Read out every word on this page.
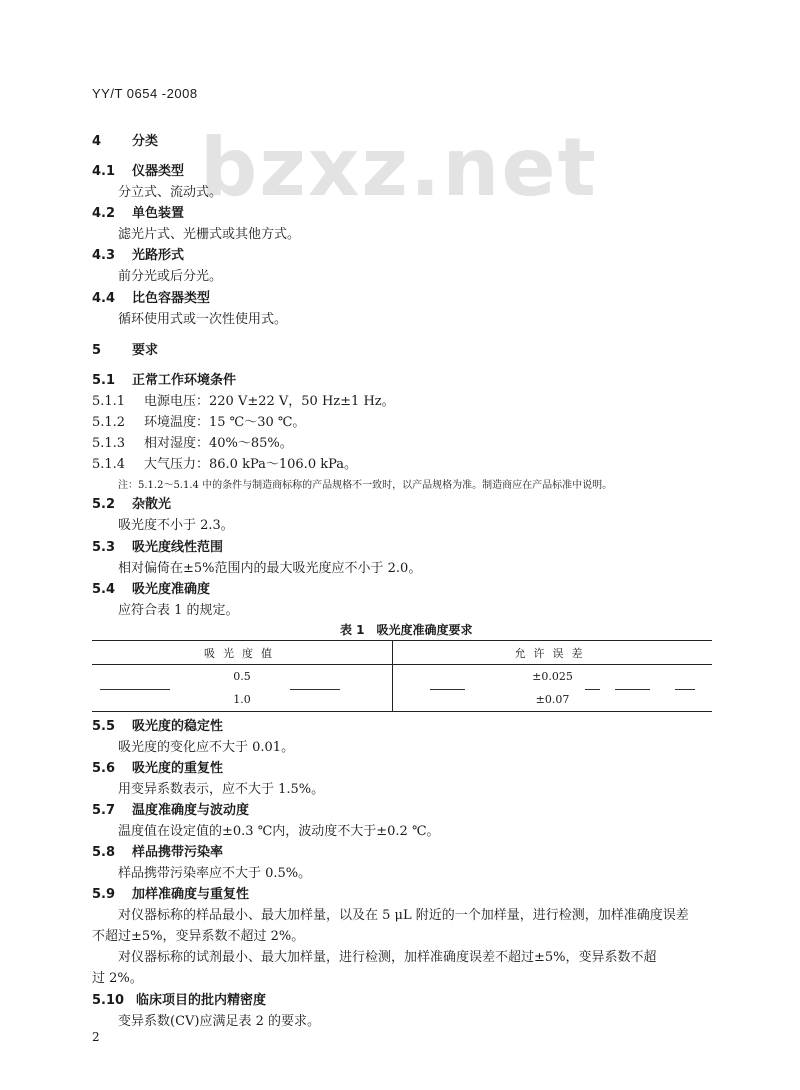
YY/T 0654 -2008
bzxz.net
4 分类
4.1 仪器类型
分立式、流动式。
4.2 单色装置
滤光片式、光栅式或其他方式。
4.3 光路形式
前分光或后分光。
4.4 比色容器类型
循环使用式或一次性使用式。
5 要求
5.1 正常工作环境条件
5.1.1 电源电压：220 V±22 V，50 Hz±1 Hz。
5.1.2 环境温度：15 ℃～30 ℃。
5.1.3 相对湿度：40%～85%。
5.1.4 大气压力：86.0 kPa～106.0 kPa。
注：5.1.2～5.1.4 中的条件与制造商标称的产品规格不一致时，以产品规格为准。制造商应在产品标准中说明。
5.2 杂散光
吸光度不小于 2.3。
5.3 吸光度线性范围
相对偏倚在±5%范围内的最大吸光度应不小于 2.0。
5.4 吸光度准确度
应符合表 1 的规定。
表 1　吸光度准确度要求
吸光度值	允许误差
0.5	±0.025
1.0	±0.07
5.5 吸光度的稳定性
吸光度的变化应不大于 0.01。
5.6 吸光度的重复性
用变异系数表示，应不大于 1.5%。
5.7 温度准确度与波动度
温度值在设定值的±0.3 ℃内，波动度不大于±0.2 ℃。
5.8 样品携带污染率
样品携带污染率应不大于 0.5%。
5.9 加样准确度与重复性
对仪器标称的样品最小、最大加样量，以及在 5 μL 附近的一个加样量，进行检测，加样准确度误差
不超过±5%，变异系数不超过 2%。
对仪器标称的试剂最小、最大加样量，进行检测，加样准确度误差不超过±5%，变异系数不超
过 2%。
5.10 临床项目的批内精密度
变异系数(CV)应满足表 2 的要求。
2
